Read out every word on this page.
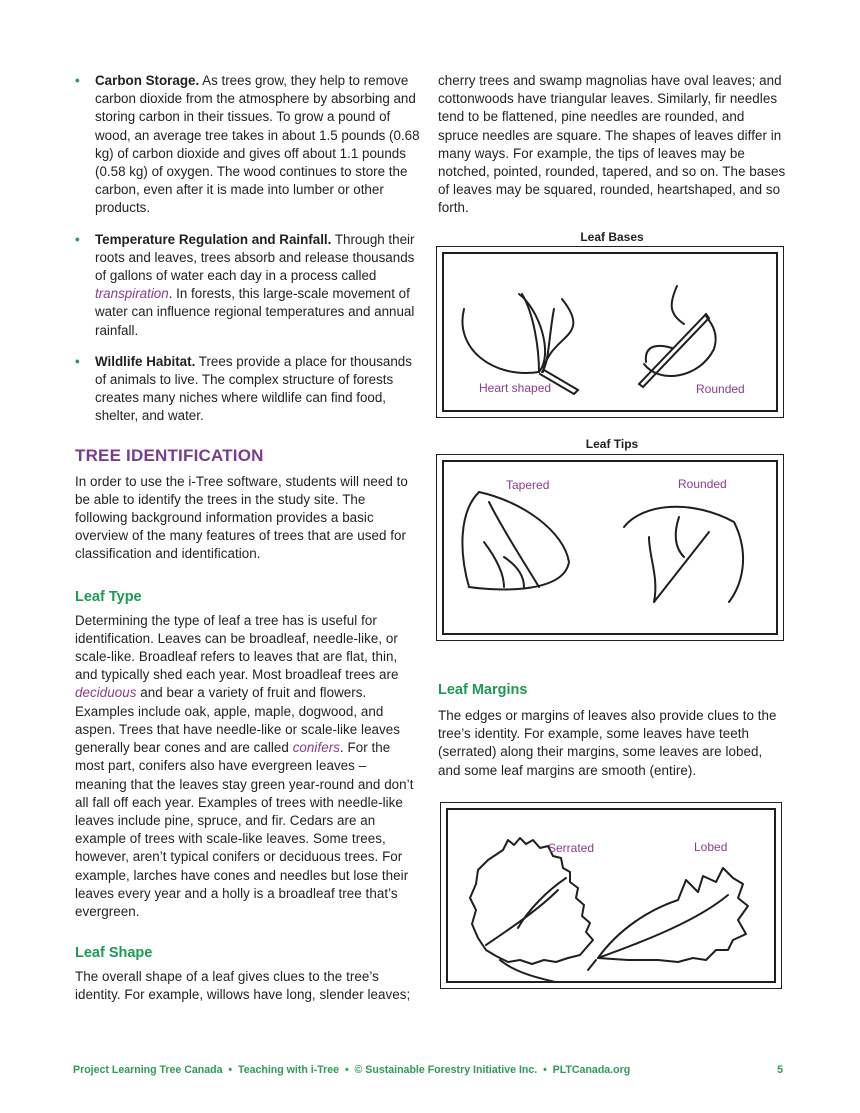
• Carbon Storage. As trees grow, they help to remove carbon dioxide from the atmosphere by absorbing and storing carbon in their tissues. To grow a pound of wood, an average tree takes in about 1.5 pounds (0.68 kg) of carbon dioxide and gives off about 1.1 pounds (0.58 kg) of oxygen. The wood continues to store the carbon, even after it is made into lumber or other products.
• Temperature Regulation and Rainfall. Through their roots and leaves, trees absorb and release thousands of gallons of water each day in a process called transpiration. In forests, this large-scale movement of water can influence regional temperatures and annual rainfall.
• Wildlife Habitat. Trees provide a place for thousands of animals to live. The complex structure of forests creates many niches where wildlife can find food, shelter, and water.
TREE IDENTIFICATION

In order to use the i-Tree software, students will need to be able to identify the trees in the study site. The following background information provides a basic overview of the many features of trees that are used for classification and identification.

Leaf Type

Determining the type of leaf a tree has is useful for identification. Leaves can be broadleaf, needle-like, or scale-like. Broadleaf refers to leaves that are flat, thin, and typically shed each year. Most broadleaf trees are deciduous and bear a variety of fruit and flowers. Examples include oak, apple, maple, dogwood, and aspen. Trees that have needle-like or scale-like leaves generally bear cones and are called conifers. For the most part, conifers also have evergreen leaves – meaning that the leaves stay green year-round and don’t all fall off each year. Examples of trees with needle-like leaves include pine, spruce, and fir. Cedars are an example of trees with scale-like leaves. Some trees, however, aren’t typical conifers or deciduous trees. For example, larches have cones and needles but lose their leaves every year and a holly is a broadleaf tree that’s evergreen.

Leaf Shape

The overall shape of a leaf gives clues to the tree’s identity. For example, willows have long, slender leaves;

cherry trees and swamp magnolias have oval leaves; and cottonwoods have triangular leaves. Similarly, fir needles tend to be flattened, pine needles are rounded, and spruce needles are square. The shapes of leaves differ in many ways. For example, the tips of leaves may be notched, pointed, rounded, tapered, and so on. The bases of leaves may be squared, rounded, heartshaped, and so forth.

Leaf Bases
Heart shaped	Rounded
Leaf Tips
Tapered	Rounded
Leaf Margins

The edges or margins of leaves also provide clues to the tree’s identity. For example, some leaves have teeth (serrated) along their margins, some leaves are lobed, and some leaf margins are smooth (entire).

Serrated	Lobed
Project Learning Tree Canada  •  Teaching with i-Tree  •  © Sustainable Forestry Initiative Inc.  •  PLTCanada.org	5
